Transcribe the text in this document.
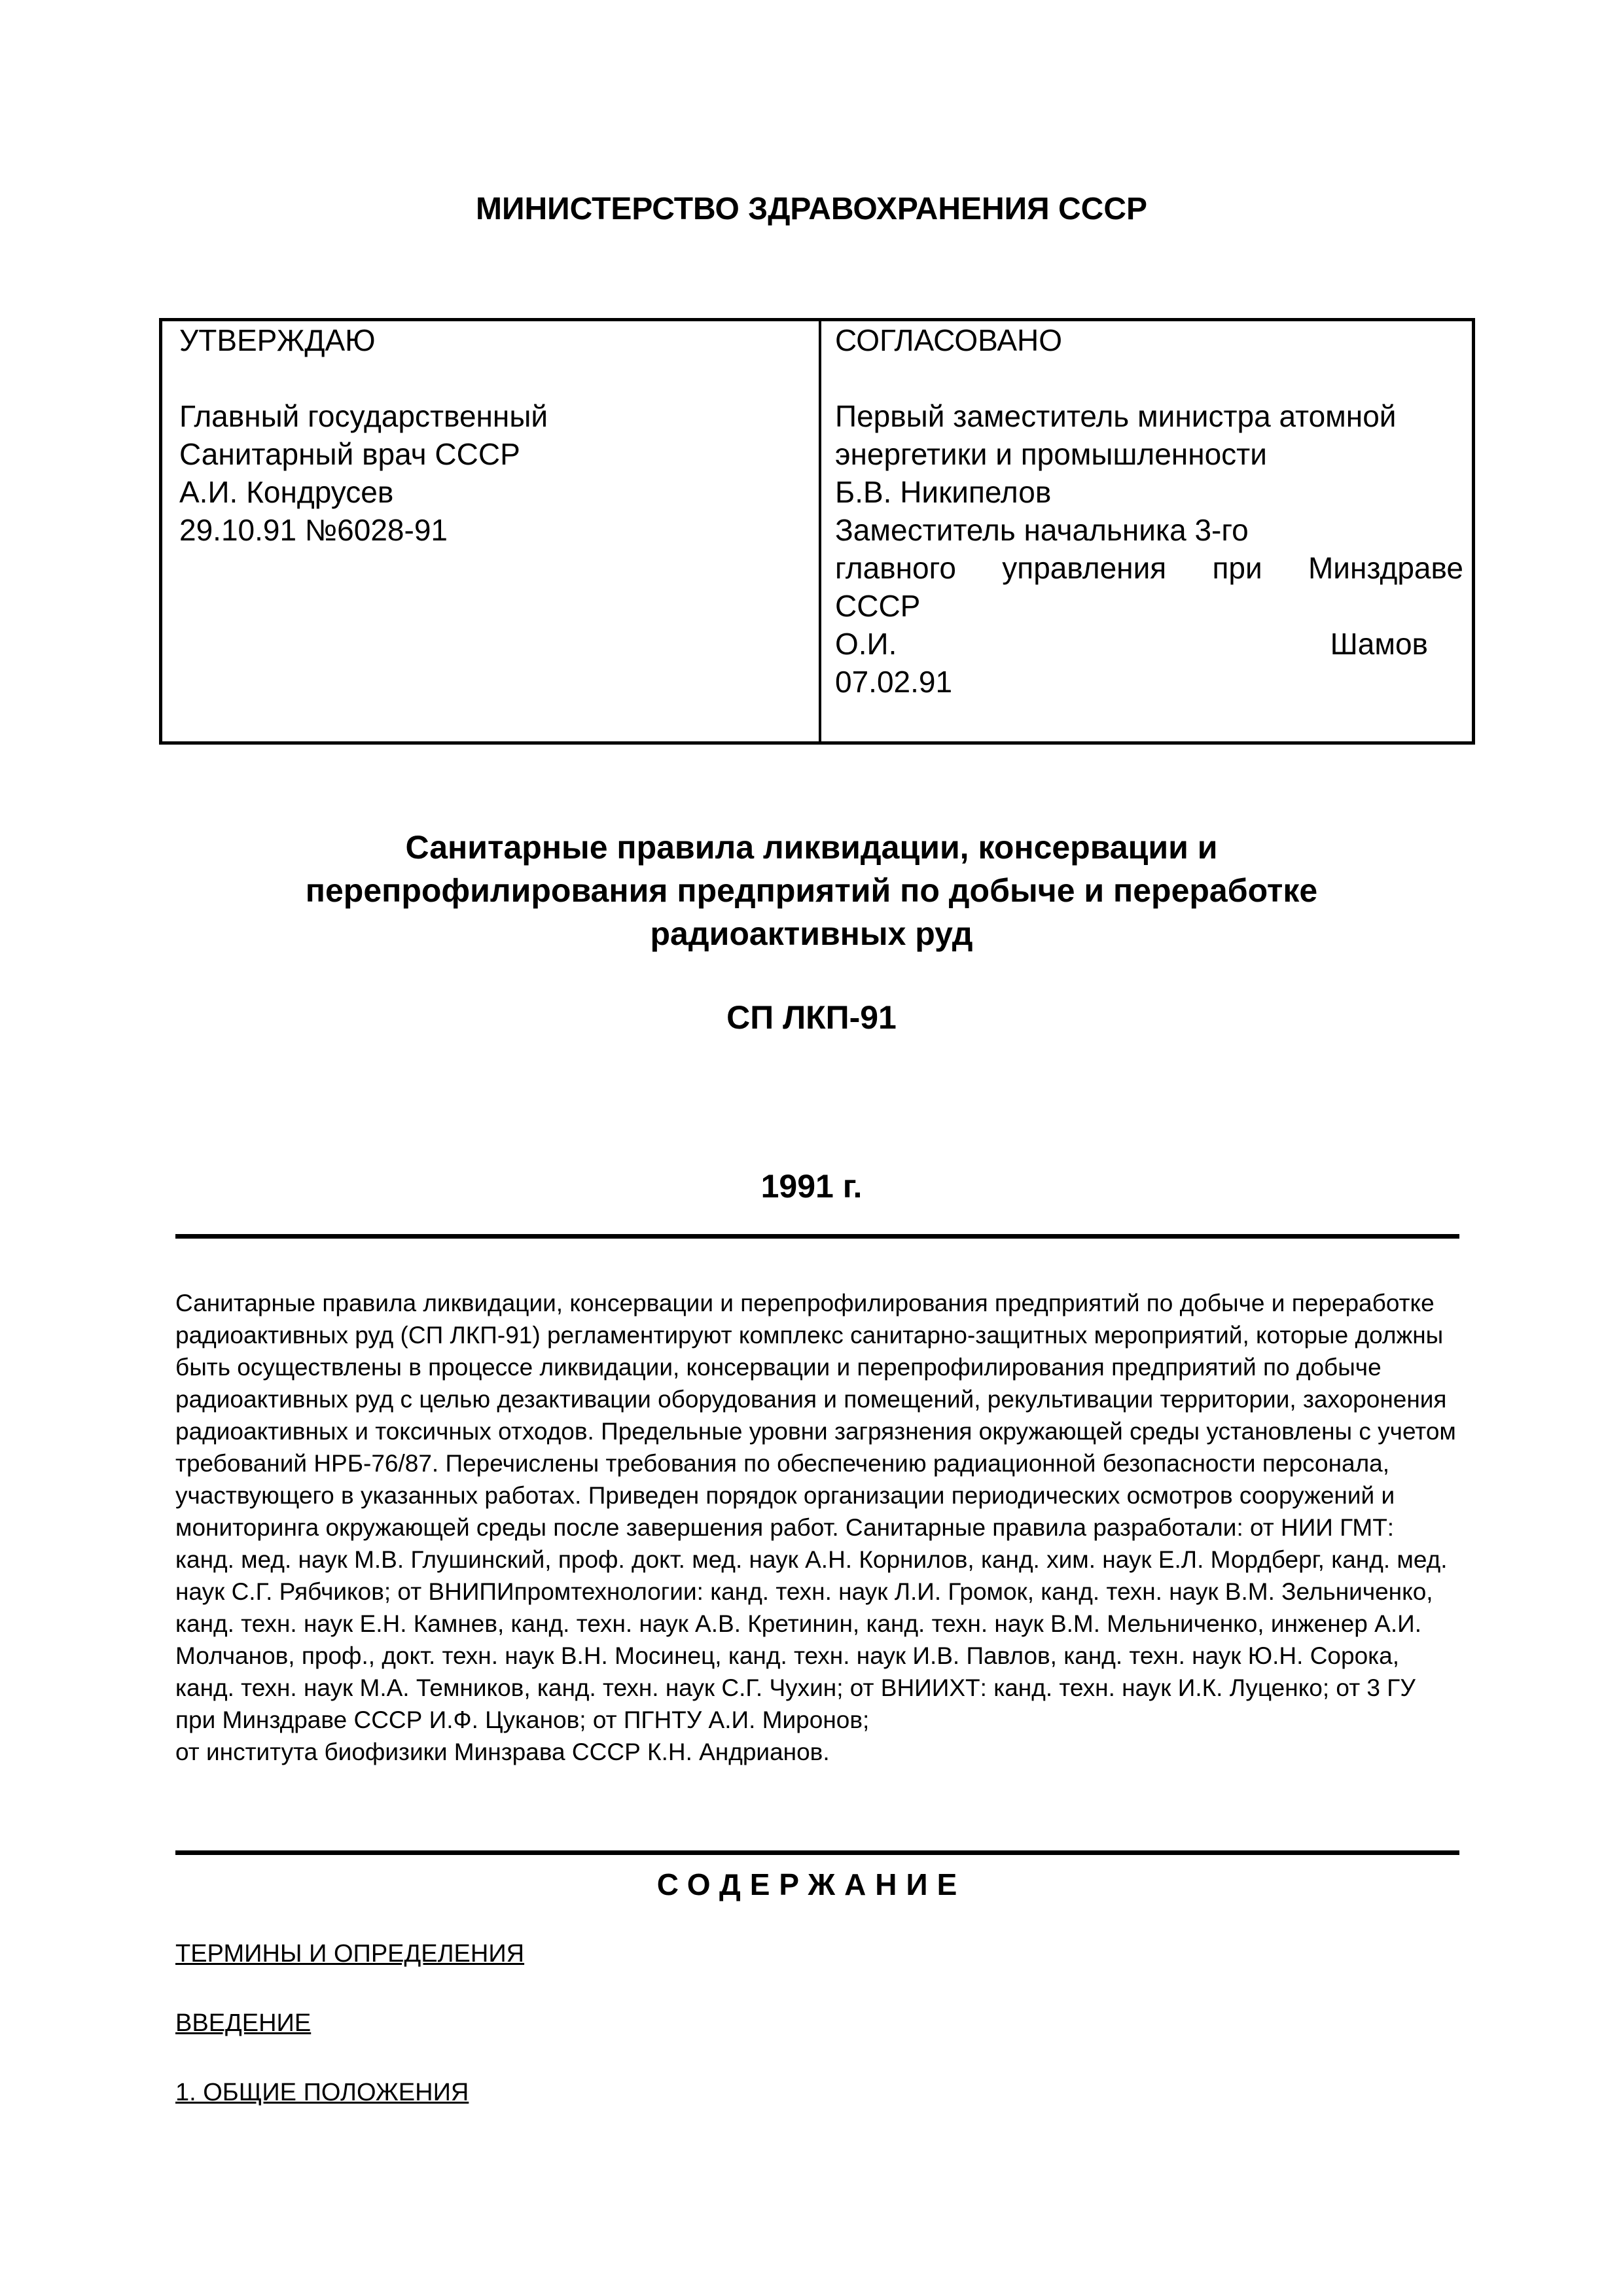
МИНИСТЕРСТВО ЗДРАВОХРАНЕНИЯ СССР
УТВЕРЖДАЮ
Главный государственный
Санитарный врач СССР
А.И. Кондрусев
29.10.91 №6028-91
СОГЛАСОВАНО
Первый заместитель министра атомной
энергетики и промышленности
Б.В. Никипелов
Заместитель начальника 3-го
главного управления при Минздраве
СССР
О.И.	Шамов
07.02.91
Санитарные правила ликвидации, консервации и
перепрофилирования предприятий по добыче и переработке
радиоактивных руд
СП ЛКП-91
1991 г.

Санитарные правила ликвидации, консервации и перепрофилирования предприятий по добыче и переработке радиоактивных руд (СП ЛКП-91) регламентируют комплекс санитарно-защитных мероприятий, которые должны быть осуществлены в процессе ликвидации, консервации и перепрофилирования предприятий по добыче радиоактивных руд с целью дезактивации оборудования и помещений, рекультивации территории, захоронения радиоактивных и токсичных отходов. Предельные уровни загрязнения окружающей среды установлены с учетом требований НРБ-76/87. Перечислены требования по обеспечению радиационной безопасности персонала, участвующего в указанных работах. Приведен порядок организации периодических осмотров сооружений и мониторинга окружающей среды после завершения работ. Санитарные правила разработали: от НИИ ГМТ: канд. мед. наук М.В. Глушинский, проф. докт. мед. наук А.Н. Корнилов, канд. хим. наук Е.Л. Мордберг, канд. мед. наук С.Г. Рябчиков; от ВНИПИпромтехнологии: канд. техн. наук Л.И. Громок, канд. техн. наук В.М. Зельниченко, канд. техн. наук Е.Н. Камнев, канд. техн. наук А.В. Кретинин, канд. техн. наук В.М. Мельниченко, инженер А.И. Молчанов, проф., докт. техн. наук В.Н. Мосинец, канд. техн. наук И.В. Павлов, канд. техн. наук Ю.Н. Сорока, канд. техн. наук М.А. Темников, канд. техн. наук С.Г. Чухин; от ВНИИХТ: канд. техн. наук И.К. Луценко; от 3 ГУ при Минздраве СССР И.Ф. Цуканов; от ПГНТУ А.И. Миронов;

от института биофизики Минзрава СССР К.Н. Андрианов.

СОДЕРЖАНИЕ
ТЕРМИНЫ И ОПРЕДЕЛЕНИЯ
ВВЕДЕНИЕ
1. ОБЩИЕ ПОЛОЖЕНИЯ
